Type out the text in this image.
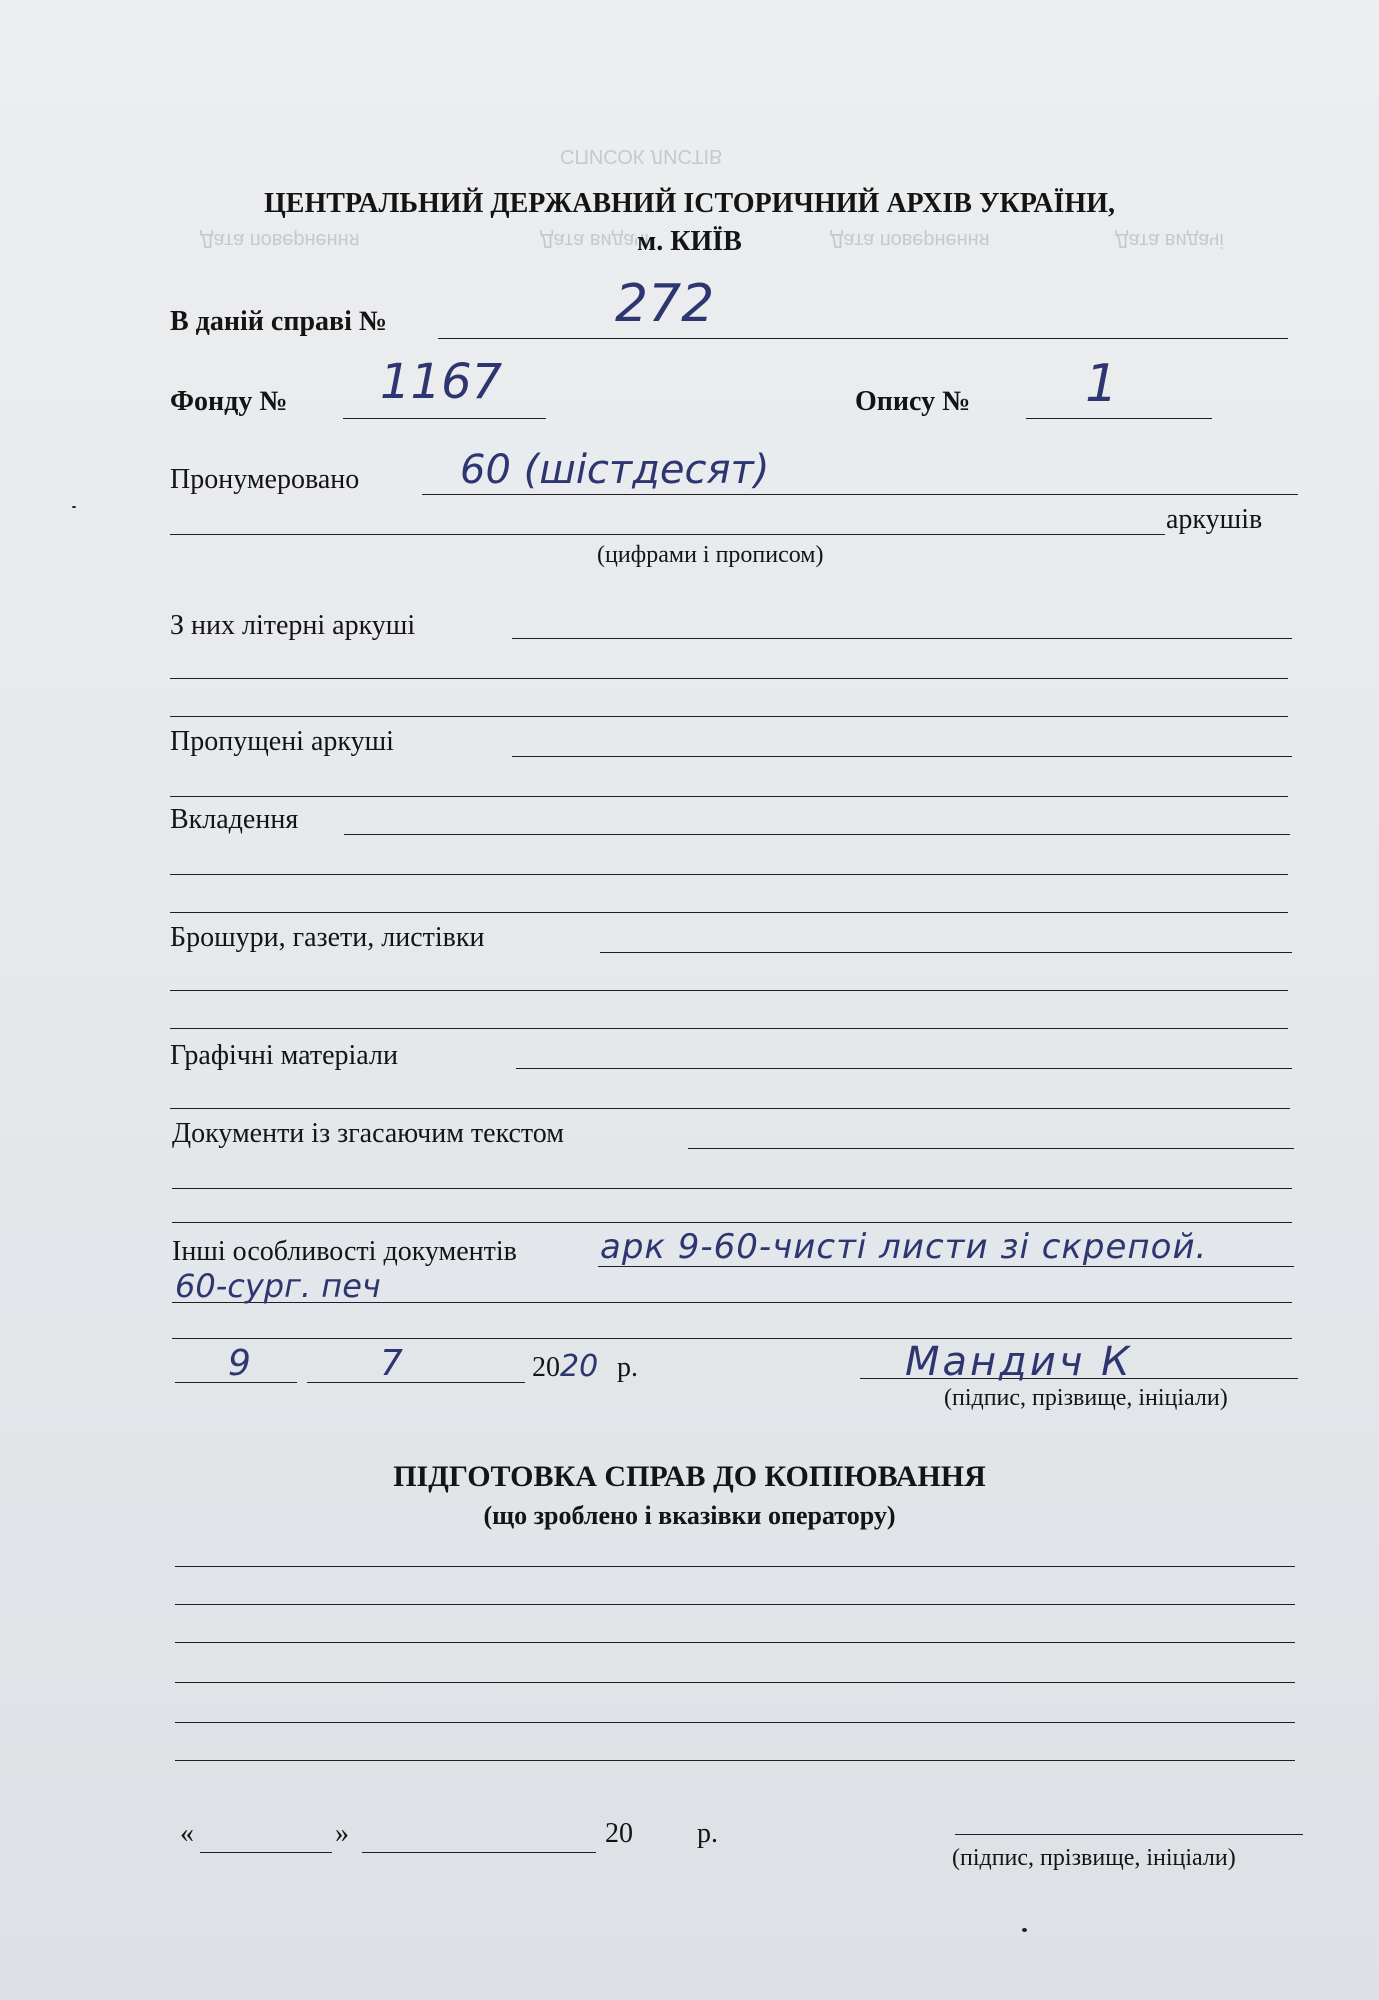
СПИСОК ЛИСТІВ
Дата видачі
Дата повернення
Дата видачі
Дата повернення
ЦЕНТРАЛЬНИЙ ДЕРЖАВНИЙ ІСТОРИЧНИЙ АРХІВ УКРАЇНИ,
м. КИЇВ
В даній справі №	272
Фонду № 1167	Опису № 1
Пронумеровано	60 (шістдесят)
аркушів
(цифрами і прописом)
З них літерні аркуші
Пропущені аркуші
Вкладення
Брошури, газети, листівки
Графічні матеріали
Документи із згасаючим текстом
Інші особливості документів арк 9-60-чисті листи зі скрепой.
60-сург. печ
9	7	20 20 р.	Мандич К
(підпис, прізвище, ініціали)
ПІДГОТОВКА СПРАВ ДО КОПІЮВАННЯ
(що зроблено і вказівки оператору)
«	»	20 р.
(підпис, прізвище, ініціали)
